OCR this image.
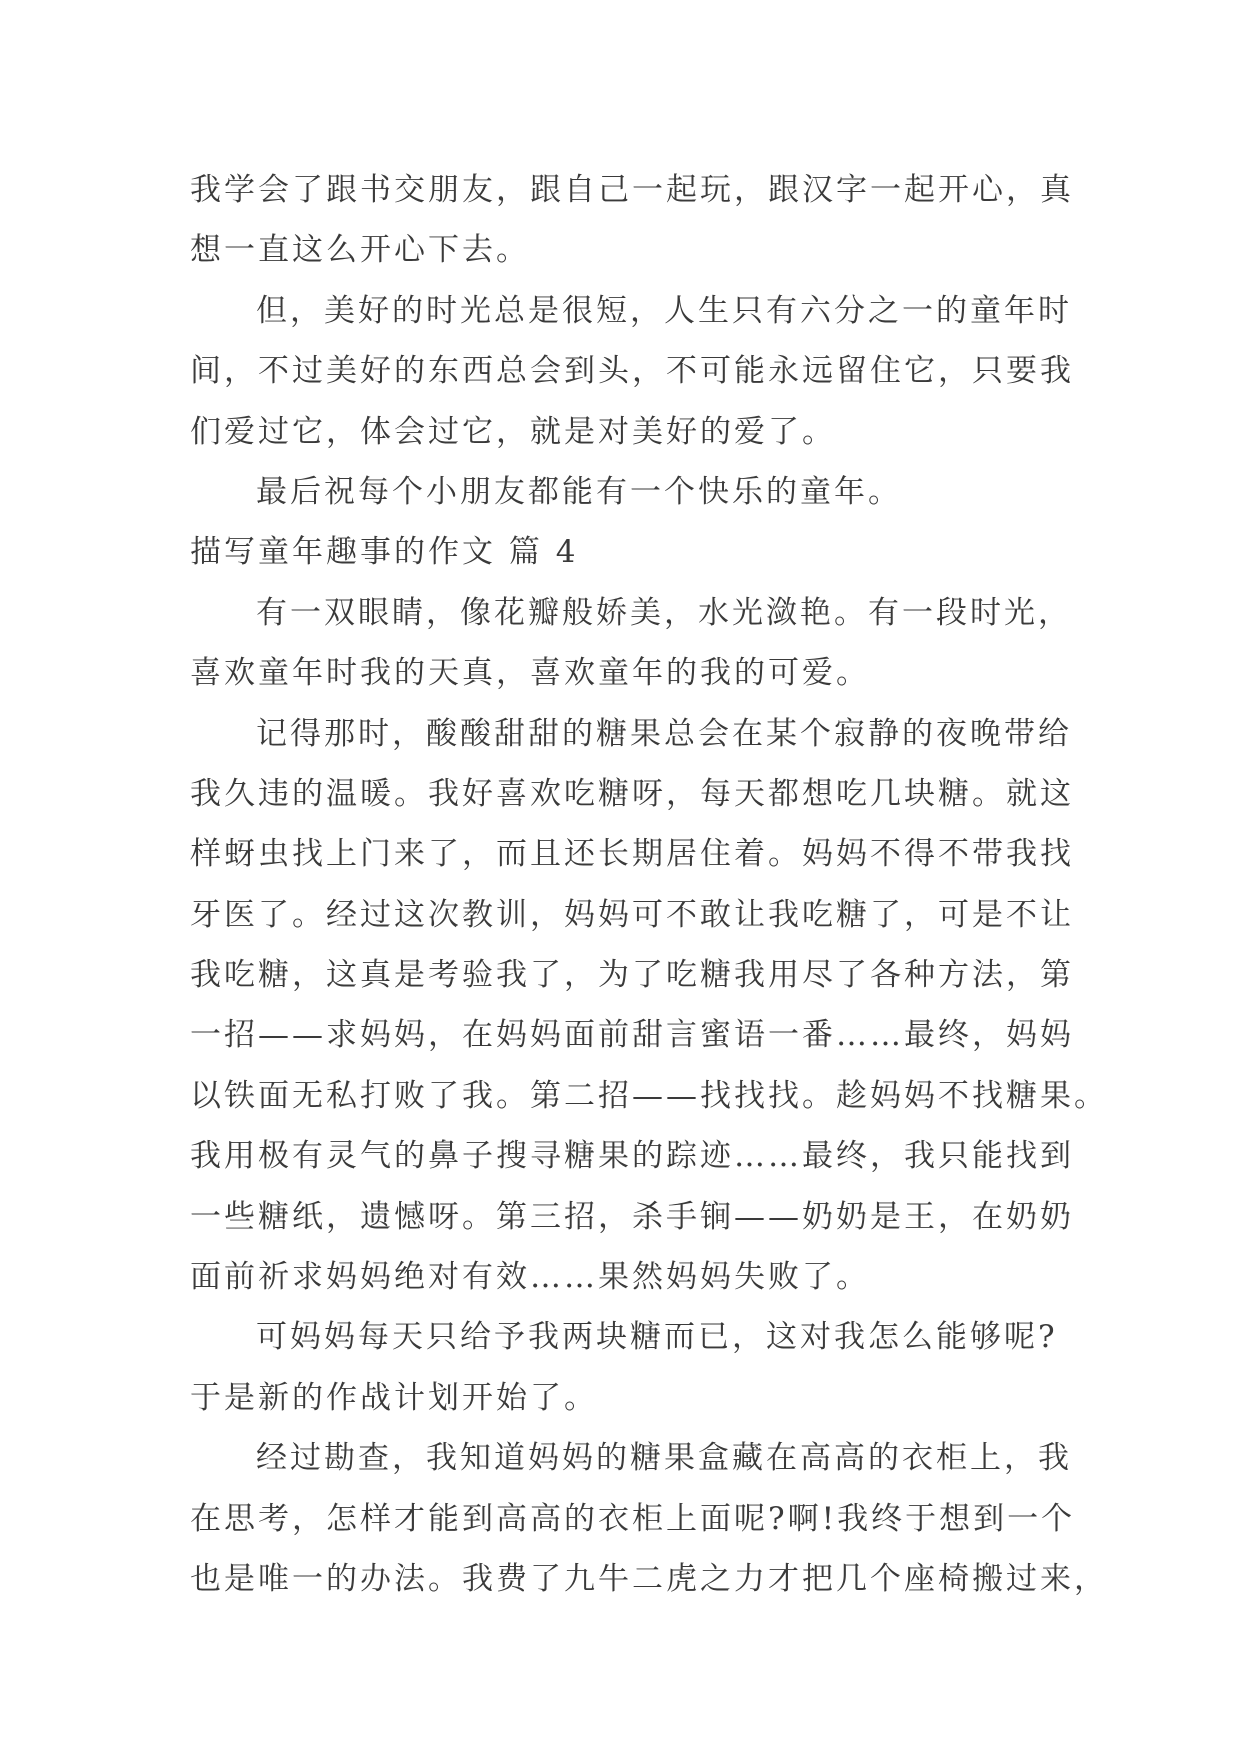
我学会了跟书交朋友，跟自己一起玩，跟汉字一起开心，真
想一直这么开心下去。
但，美好的时光总是很短，人生只有六分之一的童年时
间，不过美好的东西总会到头，不可能永远留住它，只要我
们爱过它，体会过它，就是对美好的爱了。
最后祝每个小朋友都能有一个快乐的童年。
描写童年趣事的作文 篇 4
有一双眼睛，像花瓣般娇美，水光潋艳。有一段时光，
喜欢童年时我的天真，喜欢童年的我的可爱。
记得那时，酸酸甜甜的糖果总会在某个寂静的夜晚带给
我久违的温暖。我好喜欢吃糖呀，每天都想吃几块糖。就这
样蚜虫找上门来了，而且还长期居住着。妈妈不得不带我找
牙医了。经过这次教训，妈妈可不敢让我吃糖了，可是不让
我吃糖，这真是考验我了，为了吃糖我用尽了各种方法，第
一招——求妈妈，在妈妈面前甜言蜜语一番……最终，妈妈
以铁面无私打败了我。第二招——找找找。趁妈妈不找糖果。
我用极有灵气的鼻子搜寻糖果的踪迹……最终，我只能找到
一些糖纸，遗憾呀。第三招，杀手锏——奶奶是王，在奶奶
面前祈求妈妈绝对有效……果然妈妈失败了。
可妈妈每天只给予我两块糖而已，这对我怎么能够呢?
于是新的作战计划开始了。
经过勘查，我知道妈妈的糖果盒藏在高高的衣柜上，我
在思考，怎样才能到高高的衣柜上面呢?啊!我终于想到一个
也是唯一的办法。我费了九牛二虎之力才把几个座椅搬过来，
